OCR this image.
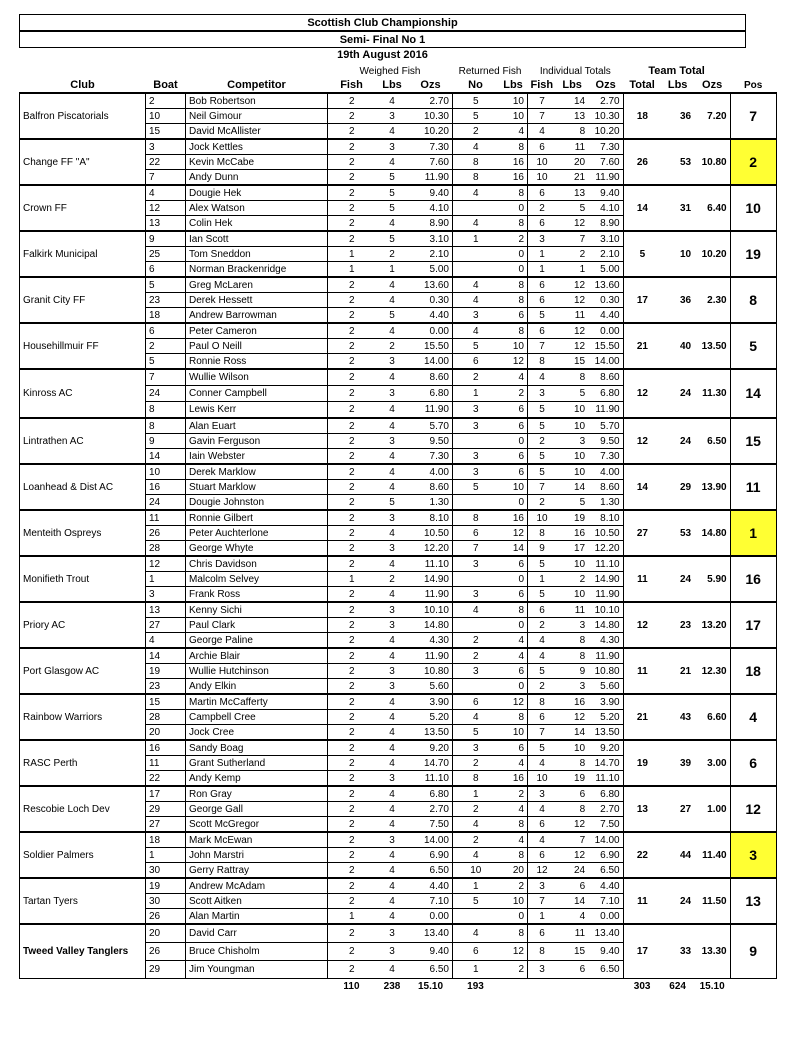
Scottish Club Championship
Semi- Final No 1
19th August 2016
			Weighed Fish			Returned Fish		Individual Totals			Team Total			
Club	Boat	Competitor	Fish	Lbs	Ozs	No	Lbs	Fish	Lbs	Ozs	Total	Lbs	Ozs	Pos
Balfron Piscatorials	2	Bob Robertson	2	4	2.70	5	10	7	14	2.70	18	36	7.20	7
	10	Neil Gimour	2	3	10.30	5	10	7	13	10.30				
	15	David McAllister	2	4	10.20	2	4	4	8	10.20				
Change FF "A"	3	Jock Kettles	2	3	7.30	4	8	6	11	7.30	26	53	10.80	2
	22	Kevin McCabe	2	4	7.60	8	16	10	20	7.60				
	7	Andy Dunn	2	5	11.90	8	16	10	21	11.90				
Crown FF	4	Dougie Hek	2	5	9.40	4	8	6	13	9.40	14	31	6.40	10
	12	Alex Watson	2	5	4.10		0	2	5	4.10				
	13	Colin Hek	2	4	8.90	4	8	6	12	8.90				
Falkirk Municipal	9	Ian Scott	2	5	3.10	1	2	3	7	3.10	5	10	10.20	19
	25	Tom Sneddon	1	2	2.10		0	1	2	2.10				
	6	Norman Brackenridge	1	1	5.00		0	1	1	5.00				
Granit City FF	5	Greg McLaren	2	4	13.60	4	8	6	12	13.60	17	36	2.30	8
	23	Derek Hessett	2	4	0.30	4	8	6	12	0.30				
	18	Andrew Barrowman	2	5	4.40	3	6	5	11	4.40				
Househillmuir FF	6	Peter Cameron	2	4	0.00	4	8	6	12	0.00	21	40	13.50	5
	2	Paul O Neill	2	2	15.50	5	10	7	12	15.50				
	5	Ronnie Ross	2	3	14.00	6	12	8	15	14.00				
Kinross AC	7	Wullie Wilson	2	4	8.60	2	4	4	8	8.60	12	24	11.30	14
	24	Conner Campbell	2	3	6.80	1	2	3	5	6.80				
	8	Lewis Kerr	2	4	11.90	3	6	5	10	11.90				
Lintrathen AC	8	Alan Euart	2	4	5.70	3	6	5	10	5.70	12	24	6.50	15
	9	Gavin Ferguson	2	3	9.50		0	2	3	9.50				
	14	Iain Webster	2	4	7.30	3	6	5	10	7.30				
Loanhead & Dist AC	10	Derek Marklow	2	4	4.00	3	6	5	10	4.00	14	29	13.90	11
	16	Stuart Marklow	2	4	8.60	5	10	7	14	8.60				
	24	Dougie Johnston	2	5	1.30		0	2	5	1.30				
Menteith Ospreys	11	Ronnie Gilbert	2	3	8.10	8	16	10	19	8.10	27	53	14.80	1
	26	Peter Auchterlone	2	4	10.50	6	12	8	16	10.50				
	28	George Whyte	2	3	12.20	7	14	9	17	12.20				
Monifieth Trout	12	Chris Davidson	2	4	11.10	3	6	5	10	11.10	11	24	5.90	16
	1	Malcolm Selvey	1	2	14.90		0	1	2	14.90				
	3	Frank Ross	2	4	11.90	3	6	5	10	11.90				
Priory AC	13	Kenny Sichi	2	3	10.10	4	8	6	11	10.10	12	23	13.20	17
	27	Paul Clark	2	3	14.80		0	2	3	14.80				
	4	George Paline	2	4	4.30	2	4	4	8	4.30				
Port Glasgow AC	14	Archie Blair	2	4	11.90	2	4	4	8	11.90	11	21	12.30	18
	19	Wullie Hutchinson	2	3	10.80	3	6	5	9	10.80				
	23	Andy Elkin	2	3	5.60		0	2	3	5.60				
Rainbow Warriors	15	Martin McCafferty	2	4	3.90	6	12	8	16	3.90	21	43	6.60	4
	28	Campbell Cree	2	4	5.20	4	8	6	12	5.20				
	20	Jock Cree	2	4	13.50	5	10	7	14	13.50				
RASC Perth	16	Sandy Boag	2	4	9.20	3	6	5	10	9.20	19	39	3.00	6
	11	Grant Sutherland	2	4	14.70	2	4	4	8	14.70				
	22	Andy Kemp	2	3	11.10	8	16	10	19	11.10				
Rescobie Loch Dev	17	Ron Gray	2	4	6.80	1	2	3	6	6.80	13	27	1.00	12
	29	George Gall	2	4	2.70	2	4	4	8	2.70				
	27	Scott McGregor	2	4	7.50	4	8	6	12	7.50				
Soldier Palmers	18	Mark McEwan	2	3	14.00	2	4	4	7	14.00	22	44	11.40	3
	1	John Marstri	2	4	6.90	4	8	6	12	6.90				
	30	Gerry Rattray	2	4	6.50	10	20	12	24	6.50				
Tartan Tyers	19	Andrew McAdam	2	4	4.40	1	2	3	6	4.40	11	24	11.50	13
	30	Scott Aitken	2	4	7.10	5	10	7	14	7.10				
	26	Alan Martin	1	4	0.00		0	1	4	0.00				
Tweed Valley Tanglers	20	David Carr	2	3	13.40	4	8	6	11	13.40	17	33	13.30	9
	26	Bruce Chisholm	2	3	9.40	6	12	8	15	9.40				
	29	Jim Youngman	2	4	6.50	1	2	3	6	6.50				
			110	238	15.10	193					303	624	15.10	
